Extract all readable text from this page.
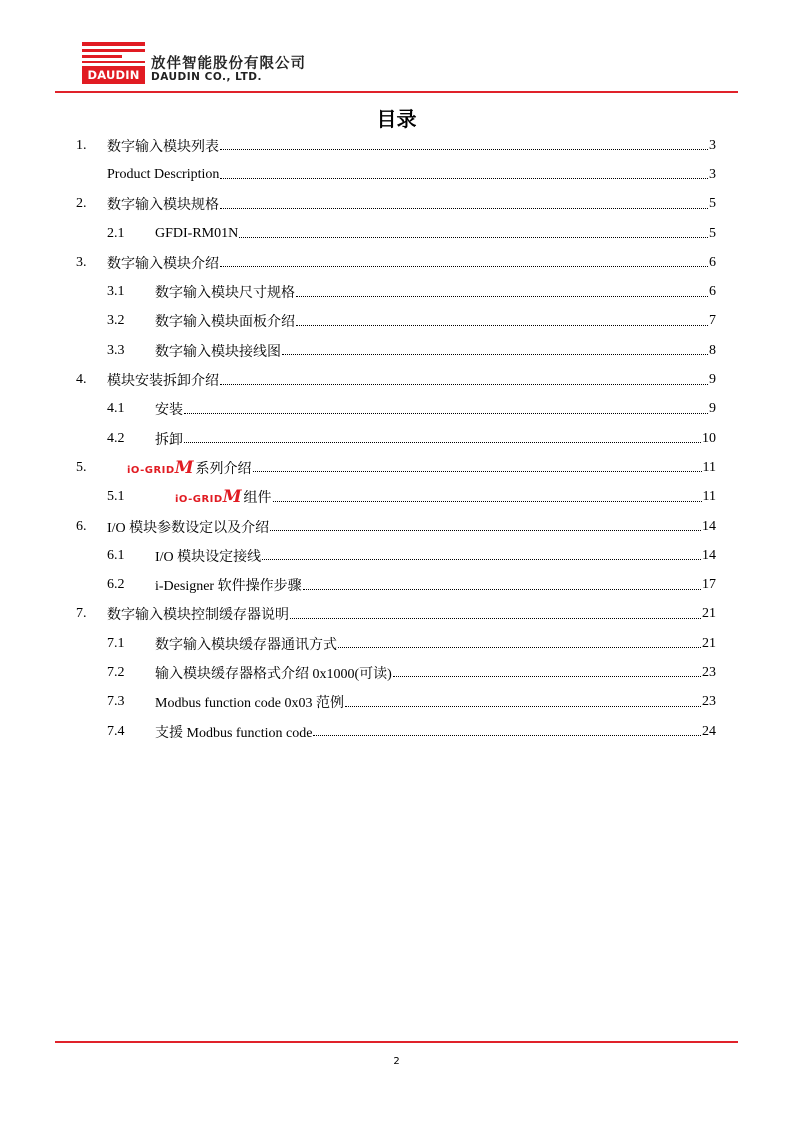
DAUDIN
放伴智能股份有限公司
DAUDIN CO., LTD.
目录
1.	数字输入模块列表	3
Product Description	3
2.	数字输入模块规格	5
2.1	GFDI-RM01N	5
3.	数字输入模块介绍	6
3.1	数字输入模块尺寸规格	6
3.2	数字输入模块面板介绍	7
3.3	数字输入模块接线图	8
4.	模块安装拆卸介绍	9
4.1	安装	9
4.2	拆卸	10
5.	iO-GRIDM 系列介绍	11
5.1	iO-GRIDM 组件	11
6.	I/O 模块参数设定以及介绍	14
6.1	I/O 模块设定接线	14
6.2	i-Designer 软件操作步骤	17
7.	数字输入模块控制缓存器说明	21
7.1	数字输入模块缓存器通讯方式	21
7.2	输入模块缓存器格式介绍 0x1000(可读)	23
7.3	Modbus function code 0x03 范例	23
7.4	支援 Modbus function code	24
2
